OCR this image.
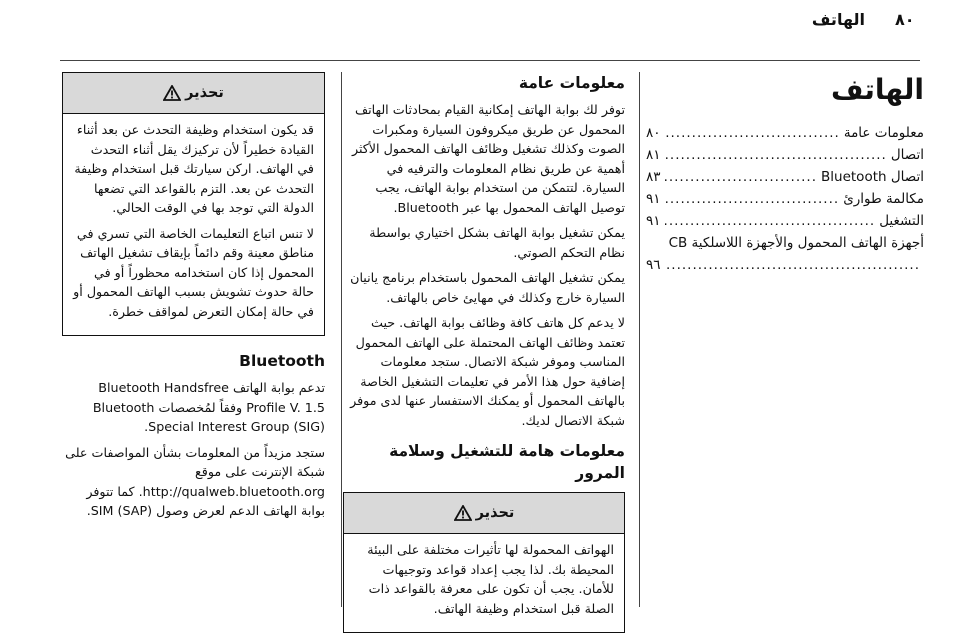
٨٠
الهاتف
الهاتف
معلومات عامة
.....
٨٠
اتصال
.....
٨١
اتصال Bluetooth
.....
٨٣
مكالمة طوارئ
.....
٩١
التشغيل
.....
٩١
أجهزة الهاتف المحمول والأجهزة اللاسلكية CB
.....
٩٦
معلومات عامة

توفر لك بوابة الهاتف إمكانية القيام بمحادثات الهاتف المحمول عن طريق ميكروفون السيارة ومكبرات الصوت وكذلك تشغيل وظائف الهاتف المحمول الأكثر أهمية عن طريق نظام المعلومات والترفيه في السيارة. لتتمكن من استخدام بوابة الهاتف، يجب توصيل الهاتف المحمول بها عبر Bluetooth.

يمكن تشغيل بوابة الهاتف بشكل اختياري بواسطة نظام التحكم الصوتي.

يمكن تشغيل الهاتف المحمول باستخدام برنامج يانيان السيارة خارج وكذلك في مهايئ خاص بالهاتف.

لا يدعم كل هاتف كافة وظائف بوابة الهاتف. حيث تعتمد وظائف الهاتف المحتملة على الهاتف المحمول المناسب وموفر شبكة الاتصال. ستجد معلومات إضافية حول هذا الأمر في تعليمات التشغيل الخاصة بالهاتف المحمول أو يمكنك الاستفسار عنها لدى موفر شبكة الاتصال لديك.

معلومات هامة للتشغيل وسلامة المرور
تحذير

الهواتف المحمولة لها تأثيرات مختلفة على البيئة المحيطة بك. لذا يجب إعداد قواعد وتوجيهات للأمان. يجب أن تكون على معرفة بالقواعد ذات الصلة قبل استخدام وظيفة الهاتف.

تحذير

قد يكون استخدام وظيفة التحدث عن بعد أثناء القيادة خطيراً لأن تركيزك يقل أثناء التحدث في الهاتف. اركن سيارتك قبل استخدام وظيفة التحدث عن بعد. التزم بالقواعد التي تضعها الدولة التي توجد بها في الوقت الحالي.

لا تنس اتباع التعليمات الخاصة التي تسري في مناطق معينة وقم دائماً بإيقاف تشغيل الهاتف المحمول إذا كان استخدامه محظوراً أو في حالة حدوث تشويش بسبب الهاتف المحمول أو في حالة إمكان التعرض لمواقف خطرة.

Bluetooth

تدعم بوابة الهاتف Bluetooth Handsfree Profile V. 1.5 وفقاً لمُخصصات Bluetooth Special Interest Group (SIG).

ستجد مزيداً من المعلومات بشأن المواصفات على شبكة الإنترنت على موقع http://qualweb.bluetooth.org. كما تتوفر بوابة الهاتف الدعم لعرض وصول SIM (SAP).
